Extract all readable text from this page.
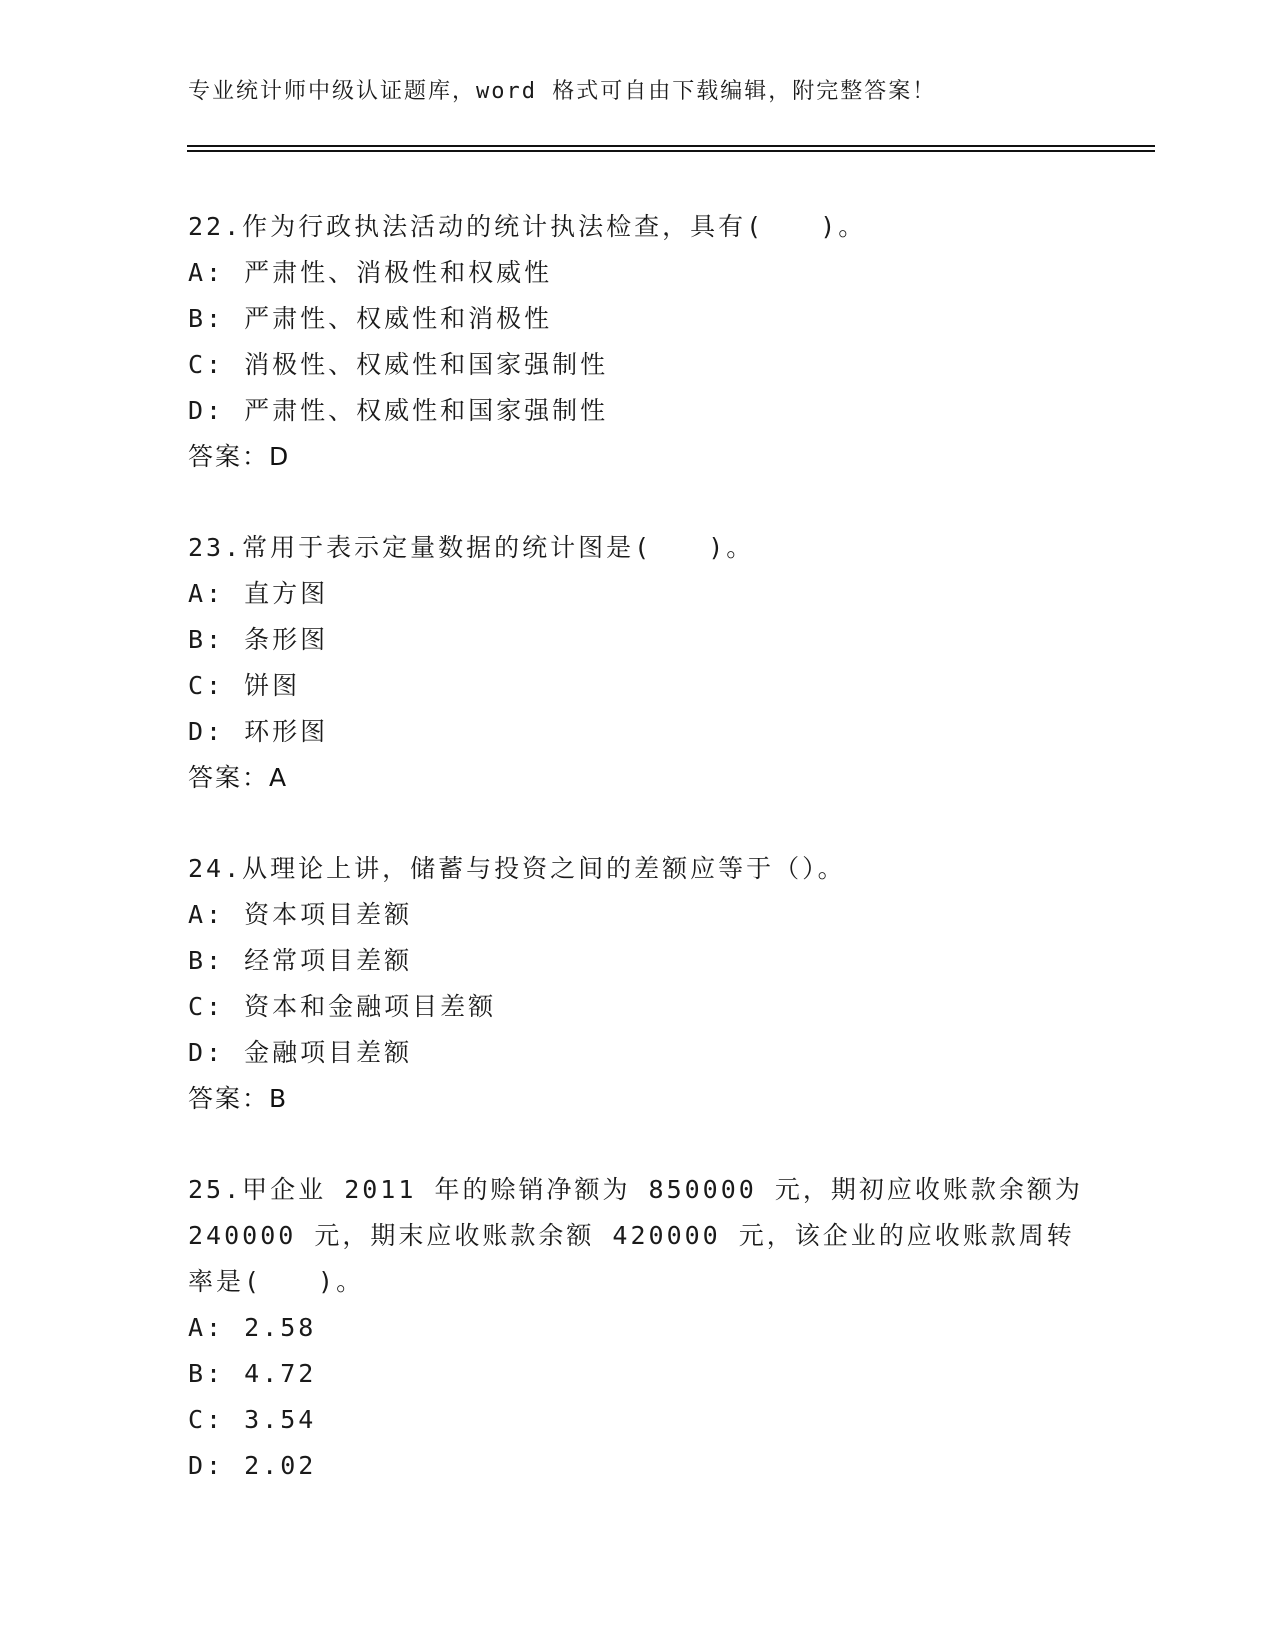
专业统计师中级认证题库，word 格式可自由下载编辑，附完整答案！
22.作为行政执法活动的统计执法检查，具有(　　)。
A: 严肃性、消极性和权威性
B: 严肃性、权威性和消极性
C: 消极性、权威性和国家强制性
D: 严肃性、权威性和国家强制性
答案：D
23.常用于表示定量数据的统计图是(　　)。
A: 直方图
B: 条形图
C: 饼图
D: 环形图
答案：A
24.从理论上讲，储蓄与投资之间的差额应等于（）。
A: 资本项目差额
B: 经常项目差额
C: 资本和金融项目差额
D: 金融项目差额
答案：B
25.甲企业 2011 年的赊销净额为 850000 元，期初应收账款余额为 240000 元，期末应收账款余额 420000 元，该企业的应收账款周转率是(　　)。
A: 2.58
B: 4.72
C: 3.54
D: 2.02
